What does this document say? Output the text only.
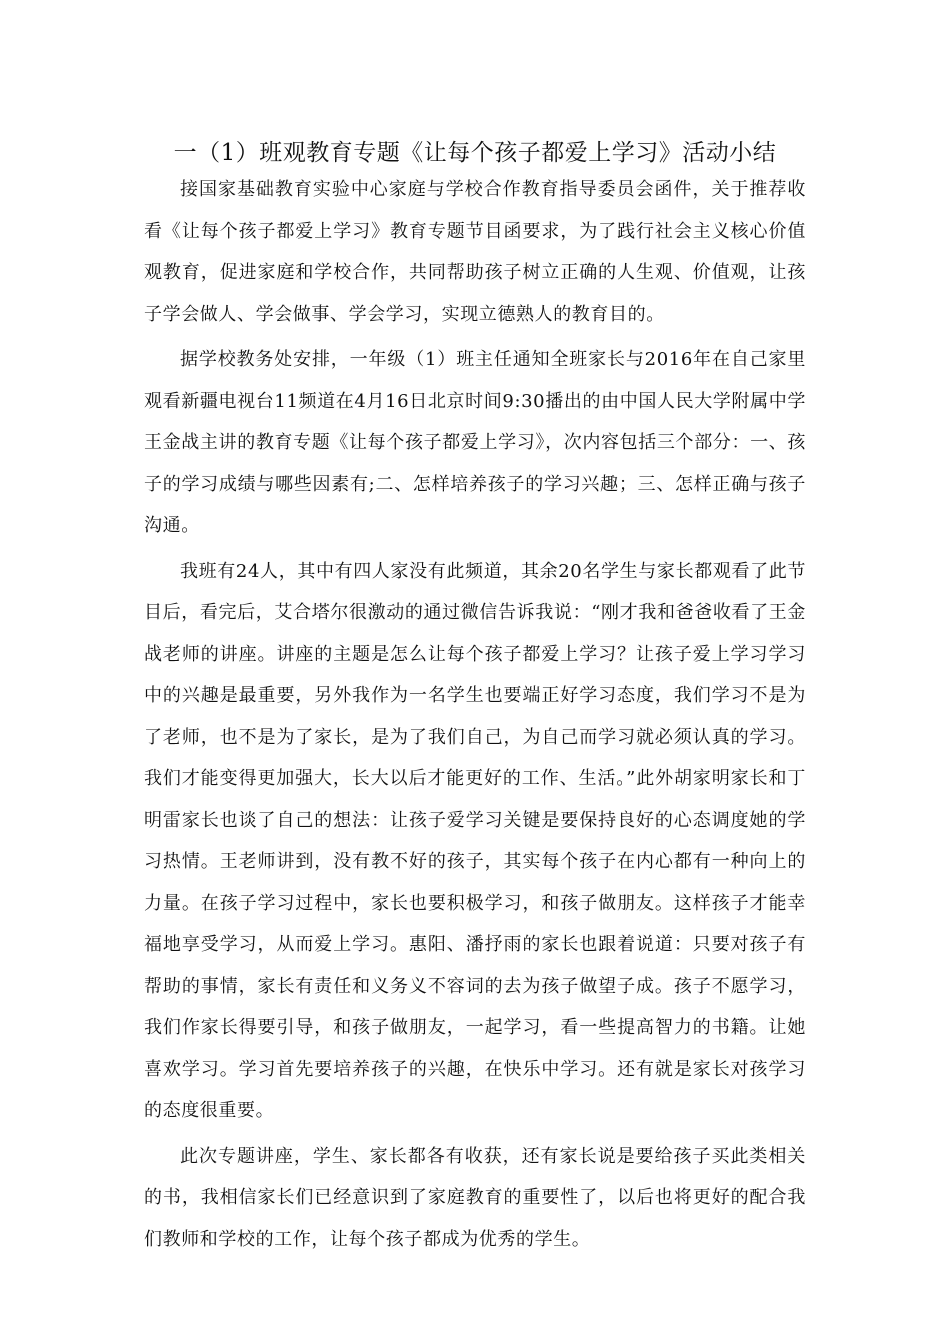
一（1）班观教育专题《让每个孩子都爱上学习》活动小结

接国家基础教育实验中心家庭与学校合作教育指导委员会函件，关于推荐收看《让每个孩子都爱上学习》教育专题节目函要求，为了践行社会主义核心价值观教育，促进家庭和学校合作，共同帮助孩子树立正确的人生观、价值观，让孩子学会做人、学会做事、学会学习，实现立德熟人的教育目的。

据学校教务处安排，一年级（1）班主任通知全班家长与2016年在自己家里观看新疆电视台11频道在4月16日北京时间9:30播出的由中国人民大学附属中学王金战主讲的教育专题《让每个孩子都爱上学习》，次内容包括三个部分：一、孩子的学习成绩与哪些因素有;二、怎样培养孩子的学习兴趣；三、怎样正确与孩子沟通。

我班有24人，其中有四人家没有此频道，其余20名学生与家长都观看了此节目后，看完后，艾合塔尔很激动的通过微信告诉我说：“刚才我和爸爸收看了王金战老师的讲座。讲座的主题是怎么让每个孩子都爱上学习？让孩子爱上学习学习中的兴趣是最重要，另外我作为一名学生也要端正好学习态度，我们学习不是为了老师，也不是为了家长，是为了我们自己，为自己而学习就必须认真的学习。我们才能变得更加强大，长大以后才能更好的工作、生活。”此外胡家明家长和丁明雷家长也谈了自己的想法：让孩子爱学习关键是要保持良好的心态调度她的学习热情。王老师讲到，没有教不好的孩子，其实每个孩子在内心都有一种向上的力量。在孩子学习过程中，家长也要积极学习，和孩子做朋友。这样孩子才能幸福地享受学习，从而爱上学习。惠阳、潘抒雨的家长也跟着说道：只要对孩子有帮助的事情，家长有责任和义务义不容词的去为孩子做望子成。孩子不愿学习，我们作家长得要引导，和孩子做朋友，一起学习，看一些提高智力的书籍。让她喜欢学习。学习首先要培养孩子的兴趣，在快乐中学习。还有就是家长对孩学习的态度很重要。

此次专题讲座，学生、家长都各有收获，还有家长说是要给孩子买此类相关的书，我相信家长们已经意识到了家庭教育的重要性了，以后也将更好的配合我们教师和学校的工作，让每个孩子都成为优秀的学生。
